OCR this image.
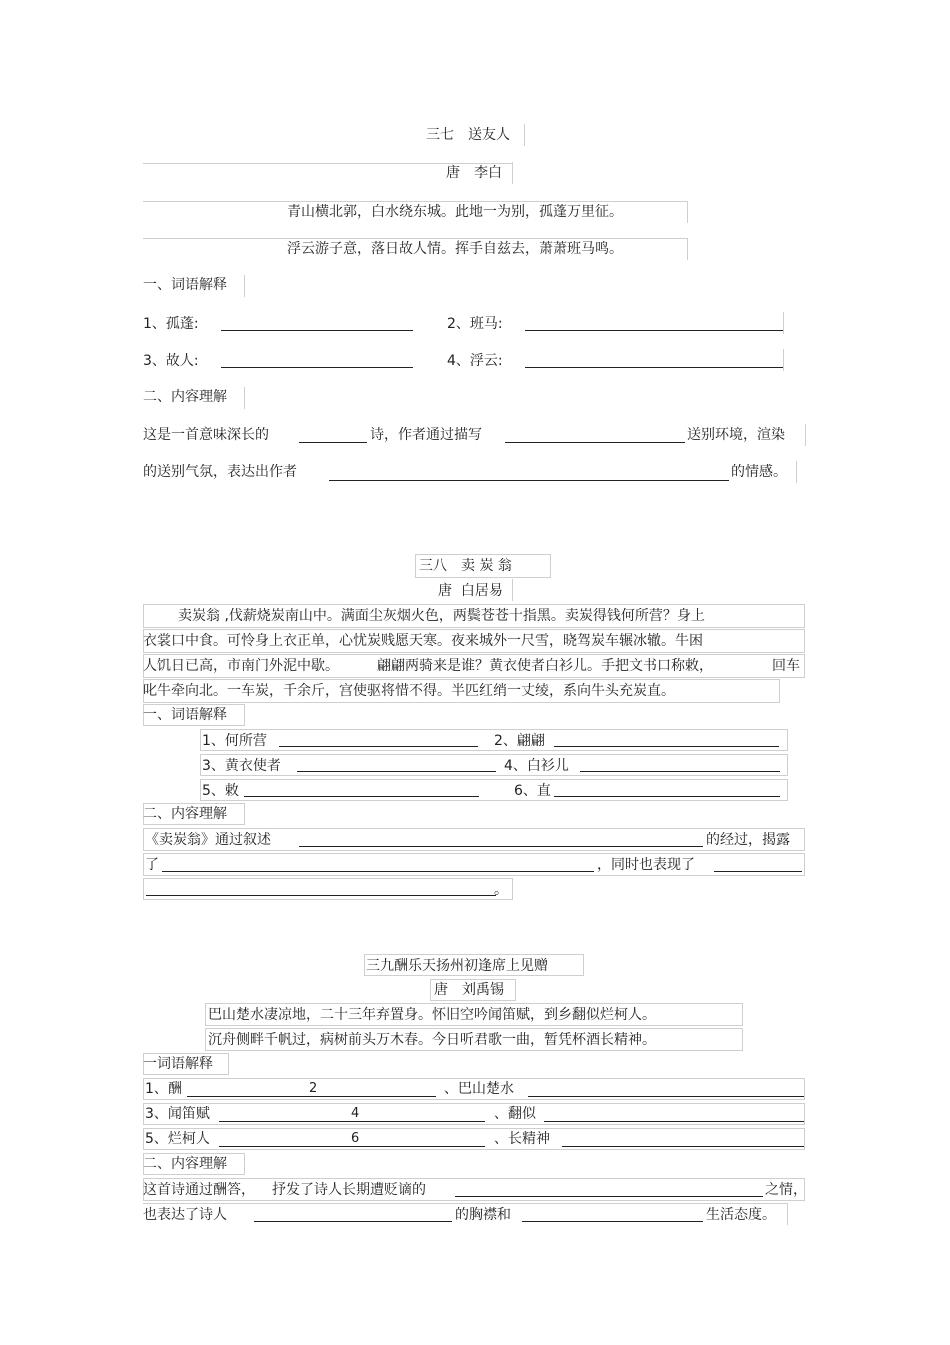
三七　送友人
唐　李白
青山横北郭，白水绕东城。此地一为别，孤蓬万里征。
浮云游子意，落日故人情。挥手自兹去，萧萧班马鸣。
一、词语解释
1、孤蓬:	2、班马:
3、故人:	4、浮云:
二、内容理解
这是一首意味深长的	诗，作者通过描写	送别环境，渲染
的送别气氛，表达出作者	的情感。
三八　卖 炭 翁
唐  白居易
卖炭翁 ,伐薪烧炭南山中。满面尘灰烟火色，两鬓苍苍十指黑。卖炭得钱何所营？身上
衣裳口中食。可怜身上衣正单，心忧炭贱愿天寒。夜来城外一尺雪，晓驾炭车辗冰辙。牛困
人饥日已高，市南门外泥中歇。	翩翩两骑来是谁？黄衣使者白衫儿。手把文书口称敕，	回车
叱牛牵向北。一车炭，千余斤，宫使驱将惜不得。半匹红绡一丈绫，系向牛头充炭直。
一、词语解释
1、何所营	2、翩翩
3、黄衣使者	4、白衫儿
5、敕	6、直
二、内容理解
《卖炭翁》通过叙述	的经过，揭露
了	，同时也表现了
。
三九酬乐天扬州初逢席上见赠
唐　刘禹锡
巴山楚水凄凉地，二十三年弃置身。怀旧空吟闻笛赋，到乡翻似烂柯人。
沉舟侧畔千帆过，病树前头万木春。今日听君歌一曲，暂凭杯酒长精神。
一词语解释
1、酬	2	、巴山楚水
3、闻笛赋	4	、翻似
5、烂柯人	6	、长精神
二、内容理解
这首诗通过酬答， 抒发了诗人长期遭贬谪的	之情，
也表达了诗人	的胸襟和	生活态度。
